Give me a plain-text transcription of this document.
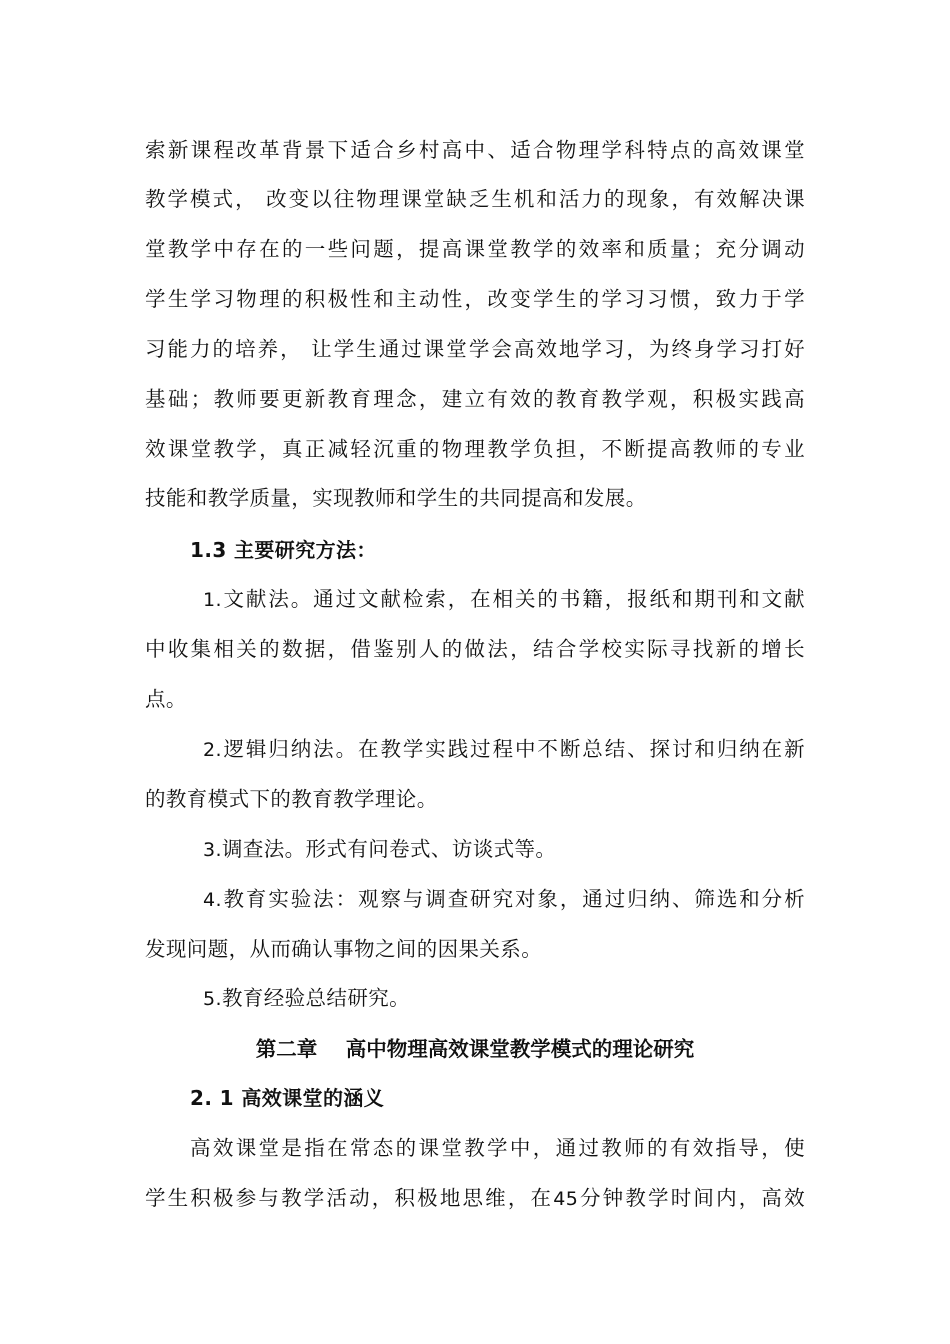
索新课程改革背景下适合乡村高中、适合物理学科特点的高效课堂
教学模式， 改变以往物理课堂缺乏生机和活力的现象，有效解决课
堂教学中存在的一些问题，提高课堂教学的效率和质量；充分调动
学生学习物理的积极性和主动性，改变学生的学习习惯，致力于学
习能力的培养， 让学生通过课堂学会高效地学习，为终身学习打好
基础；教师要更新教育理念，建立有效的教育教学观，积极实践高
效课堂教学，真正减轻沉重的物理教学负担，不断提高教师的专业
技能和教学质量，实现教师和学生的共同提高和发展。
1.3 主要研究方法：
1.文献法。通过文献检索，在相关的书籍，报纸和期刊和文献
中收集相关的数据，借鉴别人的做法，结合学校实际寻找新的增长
点。
2.逻辑归纳法。在教学实践过程中不断总结、探讨和归纳在新
的教育模式下的教育教学理论。
3.调查法。形式有问卷式、访谈式等。
4.教育实验法：观察与调查研究对象，通过归纳、筛选和分析
发现问题，从而确认事物之间的因果关系。
5.教育经验总结研究。
第二章    高中物理高效课堂教学模式的理论研究
2. 1 高效课堂的涵义
高效课堂是指在常态的课堂教学中，通过教师的有效指导，使
学生积极参与教学活动，积极地思维，在45分钟教学时间内，高效
